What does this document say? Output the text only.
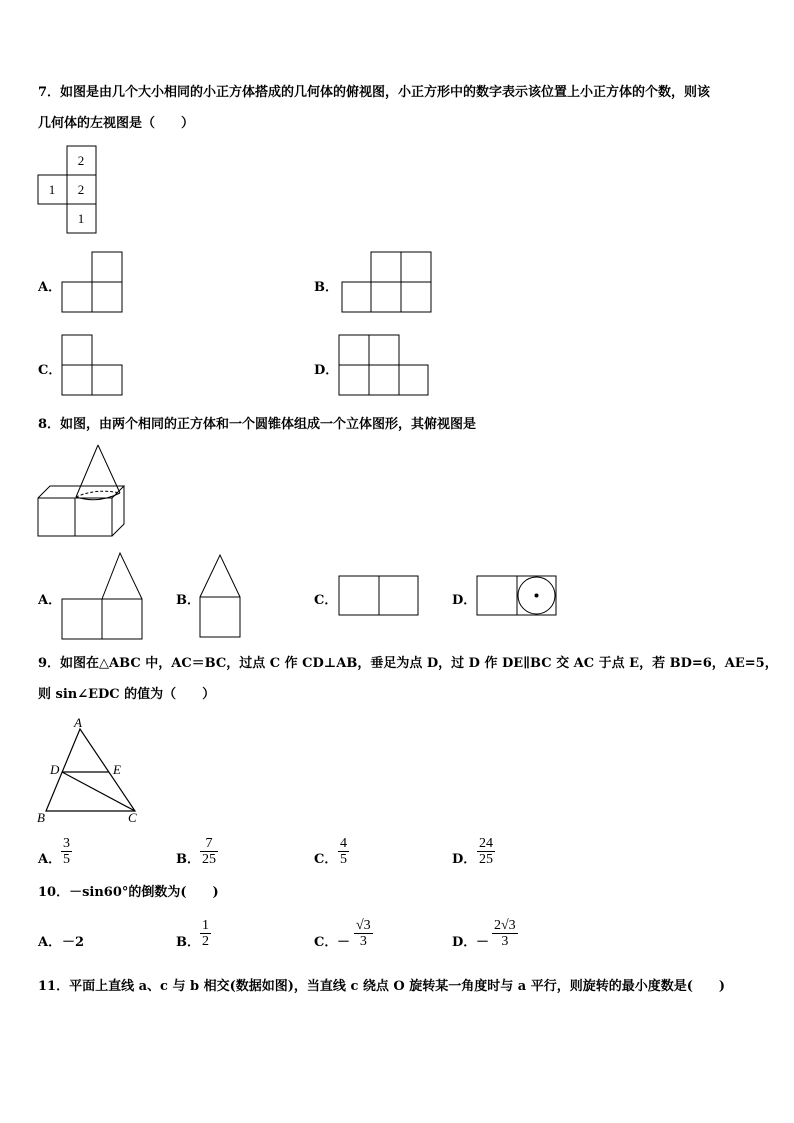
7．如图是由几个大小相同的小正方体搭成的几何体的俯视图，小正方形中的数字表示该位置上小正方体的个数，则该
几何体的左视图是（　　）
2
1 2
1
A．	B．
C．	D．
8．如图，由两个相同的正方体和一个圆锥体组成一个立体图形，其俯视图是
A．	B．	C．	D．
9．如图在△ABC 中，AC＝BC，过点 C 作 CD⊥AB，垂足为点 D，过 D 作 DE∥BC 交 AC 于点 E，若 BD=6，AE=5，
则 sin∠EDC 的值为（　　）
A
D	E
B	C
A．
3
5	B．
7
25	C．
4
5	D．
24
25
10．－sin60°的倒数为(　　)
A． －2	B．
1
2	C． －
√3
3	D． －
2√3
3
11．平面上直线 a、c 与 b 相交(数据如图)，当直线 c 绕点 O 旋转某一角度时与 a 平行，则旋转的最小度数是(　　)
